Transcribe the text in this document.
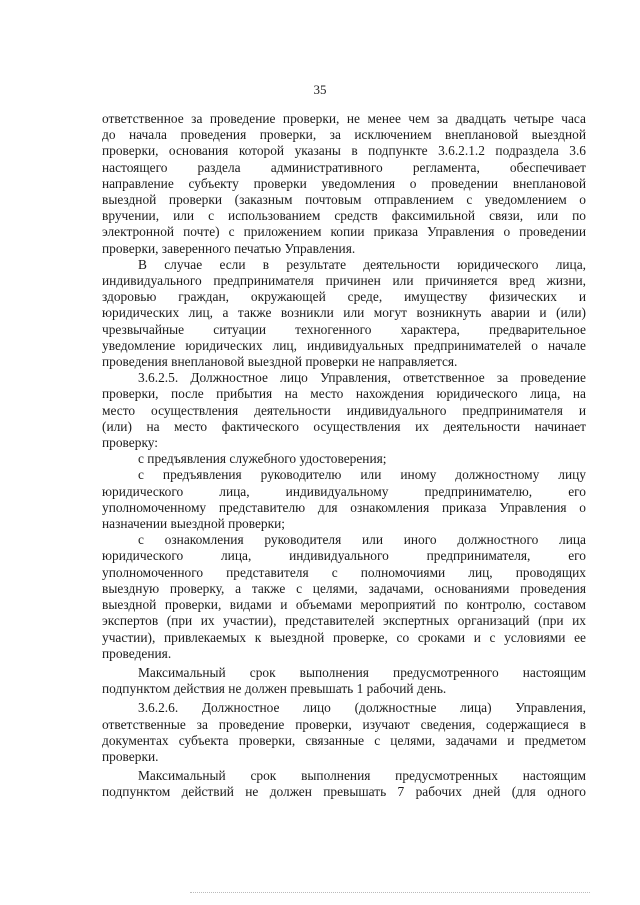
35

ответственное за проведение проверки, не менее чем за двадцать четыре часа

до начала проведения проверки, за исключением внеплановой выездной

проверки, основания которой указаны в подпункте 3.6.2.1.2 подраздела 3.6

настоящего раздела административного регламента, обеспечивает

направление субъекту проверки уведомления о проведении внеплановой

выездной проверки (заказным почтовым отправлением с уведомлением о

вручении, или с использованием средств факсимильной связи, или по

электронной почте) с приложением копии приказа Управления о проведении

проверки, заверенного печатью Управления.

В случае если в результате деятельности юридического лица,

индивидуального предпринимателя причинен или причиняется вред жизни,

здоровью граждан, окружающей среде, имуществу физических и

юридических лиц, а также возникли или могут возникнуть аварии и (или)

чрезвычайные ситуации техногенного характера, предварительное

уведомление юридических лиц, индивидуальных предпринимателей о начале

проведения внеплановой выездной проверки не направляется.

3.6.2.5. Должностное лицо Управления, ответственное за проведение

проверки, после прибытия на место нахождения юридического лица, на

место осуществления деятельности индивидуального предпринимателя и

(или) на место фактического осуществления их деятельности начинает

проверку:

с предъявления служебного удостоверения;

с предъявления руководителю или иному должностному лицу

юридического лица, индивидуальному предпринимателю, его

уполномоченному представителю для ознакомления приказа Управления о

назначении выездной проверки;

с ознакомления руководителя или иного должностного лица

юридического лица, индивидуального предпринимателя, его

уполномоченного представителя с полномочиями лиц, проводящих

выездную проверку, а также с целями, задачами, основаниями проведения

выездной проверки, видами и объемами мероприятий по контролю, составом

экспертов (при их участии), представителей экспертных организаций (при их

участии), привлекаемых к выездной проверке, со сроками и с условиями ее

проведения.

Максимальный срок выполнения предусмотренного настоящим

подпунктом действия не должен превышать 1 рабочий день.

3.6.2.6. Должностное лицо (должностные лица) Управления,

ответственные за проведение проверки, изучают сведения, содержащиеся в

документах субъекта проверки, связанные с целями, задачами и предметом

проверки.

Максимальный срок выполнения предусмотренных настоящим

подпунктом действий не должен превышать 7 рабочих дней (для одного
